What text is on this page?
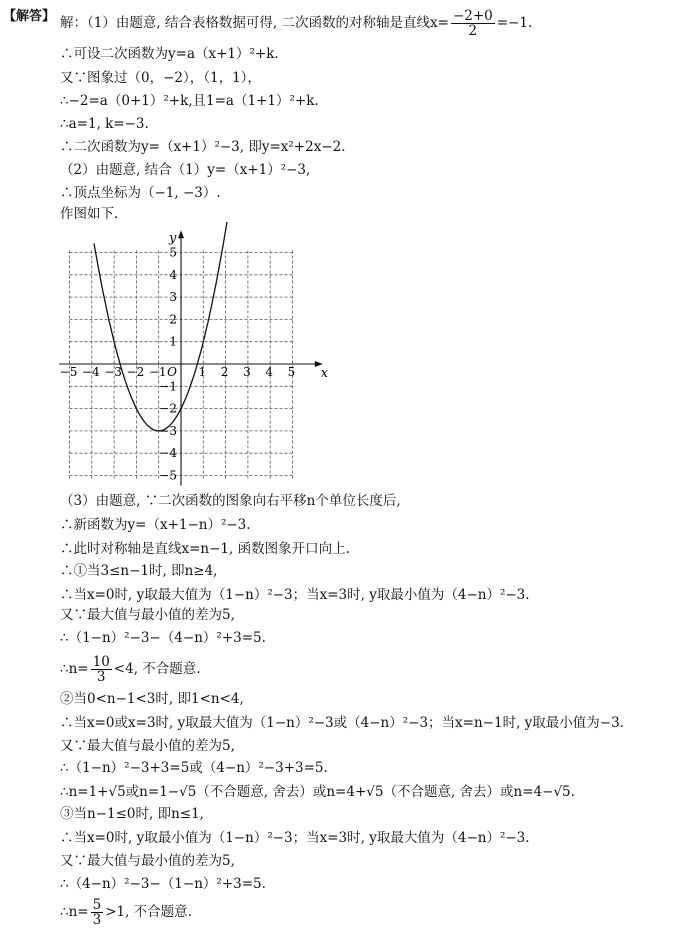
【解答】 解：（1）由题意, 结合表格数据可得, 二次函数的对称轴是直线$x= \frac{-2+0}{2} =-1$.
∴可设二次函数为y=a（x+1）²+k.
又∵图象过（0，−2），（1，1），
∴−2=a（0+1）²+k,且1=a（1+1）²+k.
∴a=1, k=−3.
∴二次函数为y=（x+1）²−3, 即y=x²+2x−2.
（2）由题意, 结合（1）y=（x+1）²−3,
∴顶点坐标为（−1, −3）.
作图如下.
−5 −4 −3 −2 −1	1 2 3 4 5
5
4
3
2
1
−1
−2
−3
−4
−5
O	x
y
（3）由题意, ∵二次函数的图象向右平移n个单位长度后,
∴新函数为y=（x+1−n）²−3.
∴此时对称轴是直线x=n−1, 函数图象开口向上.
∴①当3≤n−1时, 即n≥4,
∴当x=0时, y取最大值为（1−n）²−3；当x=3时, y取最小值为（4−n）²−3.
又∵最大值与最小值的差为5,
∴（1−n）²−3−（4−n）²+3=5.
∴n= $\frac{10}{3} <4$, 不合题意.
②当0<n−1<3时, 即1<n<4,
∴当x=0或x=3时, y取最大值为（1−n）²−3或（4−n）²−3；当x=n−1时, y取最小值为−3.
又∵最大值与最小值的差为5,
∴（1−n）²−3+3=5或（4−n）²−3+3=5.
∴n=1+√5或n=1−√5（不合题意, 舍去）或n=4+√5（不合题意, 舍去）或n=4−√5.
③当n−1≤0时, 即n≤1,
∴当x=0时, y取最小值为（1−n）²−3；当x=3时, y取最大值为（4−n）²−3.
又∵最大值与最小值的差为5,
∴（4−n）²−3−（1−n）²+3=5.
∴n= $\frac{5}{3} >1$, 不合题意.
